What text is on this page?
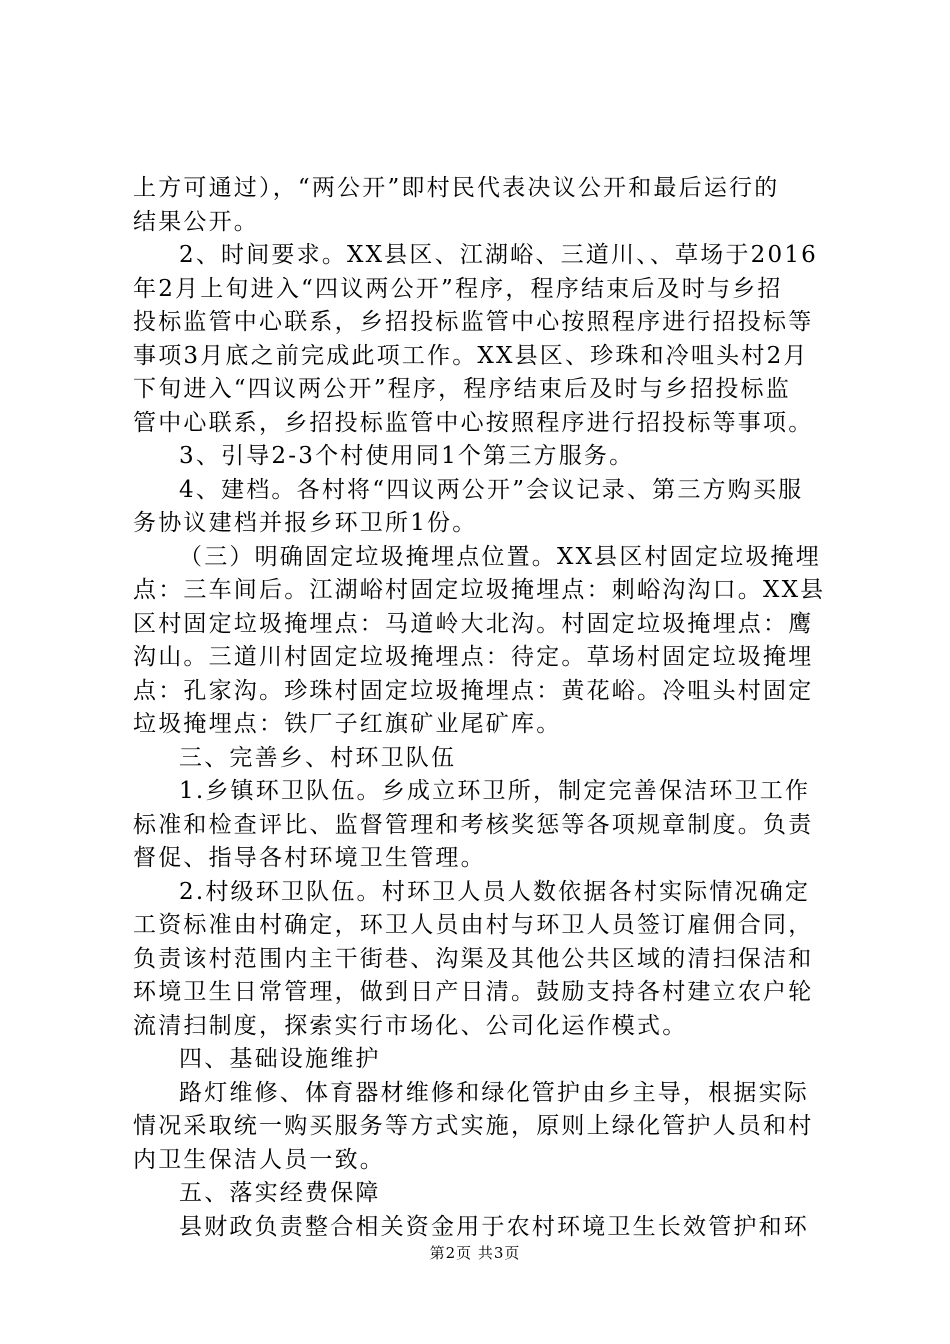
上方可通过），“两公开”即村民代表决议公开和最后运行的
结果公开。
2、时间要求。XX县区、江湖峪、三道川、、草场于2016
年2月上旬进入“四议两公开”程序，程序结束后及时与乡招
投标监管中心联系，乡招投标监管中心按照程序进行招投标等
事项3月底之前完成此项工作。XX县区、珍珠和冷咀头村2月
下旬进入“四议两公开”程序，程序结束后及时与乡招投标监
管中心联系，乡招投标监管中心按照程序进行招投标等事项。
3、引导2-3个村使用同1个第三方服务。
4、建档。各村将“四议两公开”会议记录、第三方购买服
务协议建档并报乡环卫所1份。
（三）明确固定垃圾掩埋点位置。XX县区村固定垃圾掩埋
点：三车间后。江湖峪村固定垃圾掩埋点：刺峪沟沟口。XX县
区村固定垃圾掩埋点：马道岭大北沟。村固定垃圾掩埋点：鹰
沟山。三道川村固定垃圾掩埋点：待定。草场村固定垃圾掩埋
点：孔家沟。珍珠村固定垃圾掩埋点：黄花峪。冷咀头村固定
垃圾掩埋点：铁厂子红旗矿业尾矿库。
三、完善乡、村环卫队伍
1.乡镇环卫队伍。乡成立环卫所，制定完善保洁环卫工作
标准和检查评比、监督管理和考核奖惩等各项规章制度。负责
督促、指导各村环境卫生管理。
2.村级环卫队伍。村环卫人员人数依据各村实际情况确定
工资标准由村确定，环卫人员由村与环卫人员签订雇佣合同，
负责该村范围内主干街巷、沟渠及其他公共区域的清扫保洁和
环境卫生日常管理，做到日产日清。鼓励支持各村建立农户轮
流清扫制度，探索实行市场化、公司化运作模式。
四、基础设施维护
路灯维修、体育器材维修和绿化管护由乡主导，根据实际
情况采取统一购买服务等方式实施，原则上绿化管护人员和村
内卫生保洁人员一致。
五、落实经费保障
县财政负责整合相关资金用于农村环境卫生长效管护和环
第2页 共3页
